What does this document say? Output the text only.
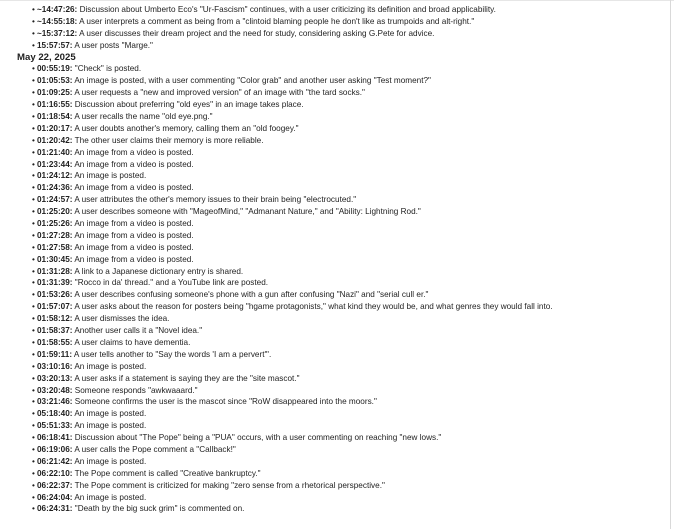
• ~14:47:26: Discussion about Umberto Eco's "Ur-Fascism" continues, with a user criticizing its definition and broad applicability.
• ~14:55:18: A user interprets a comment as being from a "clintoid blaming people he don't like as trumpoids and alt-right."
• ~15:37:12: A user discusses their dream project and the need for study, considering asking G.Pete for advice.
• 15:57:57: A user posts "Marge."
May 22, 2025
• 00:55:19: "Check" is posted.
• 01:05:53: An image is posted, with a user commenting "Color grab" and another user asking "Test moment?"
• 01:09:25: A user requests a "new and improved version" of an image with "the tard socks."
• 01:16:55: Discussion about preferring "old eyes" in an image takes place.
• 01:18:54: A user recalls the name "old eye.png."
• 01:20:17: A user doubts another's memory, calling them an "old foogey."
• 01:20:42: The other user claims their memory is more reliable.
• 01:21:40: An image from a video is posted.
• 01:23:44: An image from a video is posted.
• 01:24:12: An image is posted.
• 01:24:36: An image from a video is posted.
• 01:24:57: A user attributes the other's memory issues to their brain being "electrocuted."
• 01:25:20: A user describes someone with "MageofMind," "Admanant Nature," and "Ability: Lightning Rod."
• 01:25:26: An image from a video is posted.
• 01:27:28: An image from a video is posted.
• 01:27:58: An image from a video is posted.
• 01:30:45: An image from a video is posted.
• 01:31:28: A link to a Japanese dictionary entry is shared.
• 01:31:39: "Rocco in da' thread." and a YouTube link are posted.
• 01:53:26: A user describes confusing someone's phone with a gun after confusing "Nazi" and "serial cull er."
• 01:57:07: A user asks about the reason for posters being "hgame protagonists," what kind they would be, and what genres they would fall into.
• 01:58:12: A user dismisses the idea.
• 01:58:37: Another user calls it a "Novel idea."
• 01:58:55: A user claims to have dementia.
• 01:59:11: A user tells another to "Say the words 'I am a pervert'".
• 03:10:16: An image is posted.
• 03:20:13: A user asks if a statement is saying they are the "site mascot."
• 03:20:48: Someone responds "awkwaaard."
• 03:21:46: Someone confirms the user is the mascot since "RoW disappeared into the moors."
• 05:18:40: An image is posted.
• 05:51:33: An image is posted.
• 06:18:41: Discussion about "The Pope" being a "PUA" occurs, with a user commenting on reaching "new lows."
• 06:19:06: A user calls the Pope comment a "Callback!"
• 06:21:42: An image is posted.
• 06:22:10: The Pope comment is called "Creative bankruptcy."
• 06:22:37: The Pope comment is criticized for making "zero sense from a rhetorical perspective."
• 06:24:04: An image is posted.
• 06:24:31: "Death by the big suck grim" is commented on.
